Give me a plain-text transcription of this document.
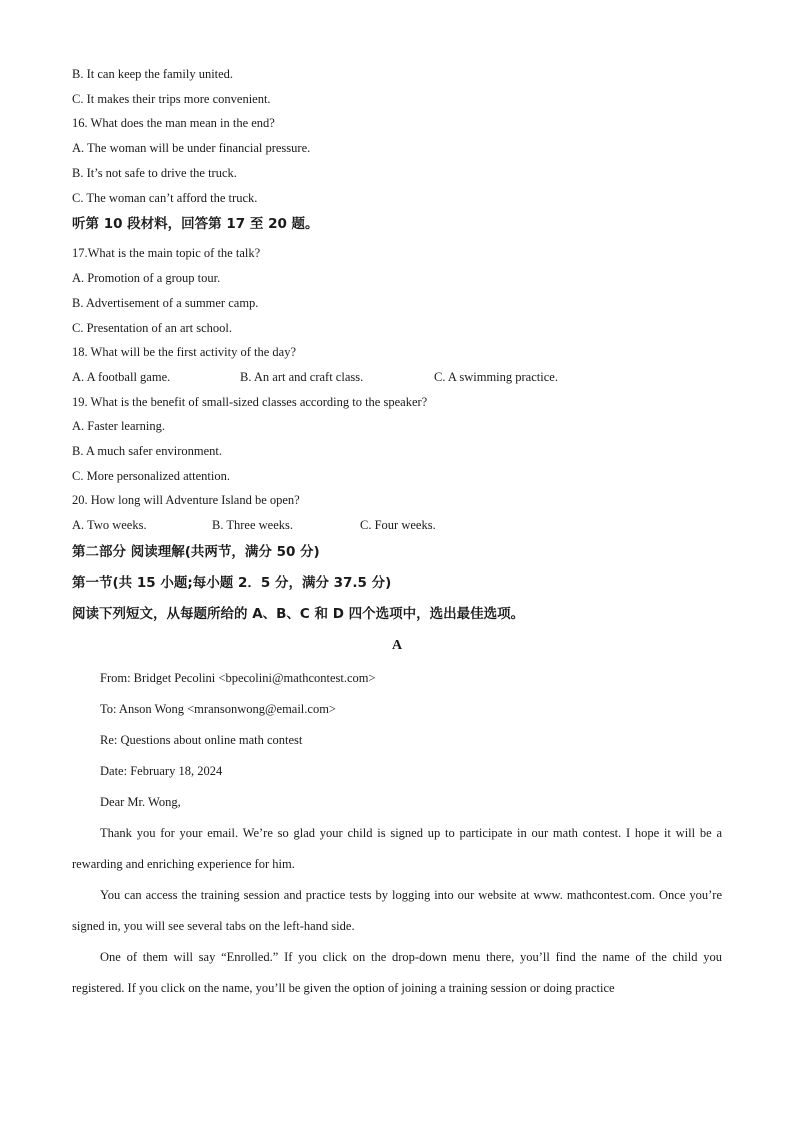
B. It can keep the family united.
C. It makes their trips more convenient.
16. What does the man mean in the end?
A. The woman will be under financial pressure.
B. It’s not safe to drive the truck.
C. The woman can’t afford the truck.
听第 10 段材料，回答第 17 至 20 题。
17.What is the main topic of the talk?
A. Promotion of a group tour.
B. Advertisement of a summer camp.
C. Presentation of an art school.
18. What will be the first activity of the day?
A. A football game.	B. An art and craft class.	C. A swimming practice.
19. What is the benefit of small-sized classes according to the speaker?
A. Faster learning.
B. A much safer environment.
C. More personalized attention.
20. How long will Adventure Island be open?
A. Two weeks.	B. Three weeks.	C. Four weeks.
第二部分 阅读理解(共两节，满分 50 分)
第一节(共 15 小题;每小题 2．5 分，满分 37.5 分)
阅读下列短文，从每题所给的 A、B、C 和 D 四个选项中，选出最佳选项。
A
From: Bridget Pecolini <bpecolini@mathcontest.com>
To: Anson Wong <mransonwong@email.com>
Re: Questions about online math contest
Date: February 18, 2024
Dear Mr. Wong,
Thank you for your email. We’re so glad your child is signed up to participate in our math contest. I hope it will be a rewarding and enriching experience for him.
You can access the training session and practice tests by logging into our website at www. mathcontest.com. Once you’re signed in, you will see several tabs on the left-hand side.
One of them will say “Enrolled.” If you click on the drop-down menu there, you’ll find the name of the child you registered. If you click on the name, you’ll be given the option of joining a training session or doing practice
